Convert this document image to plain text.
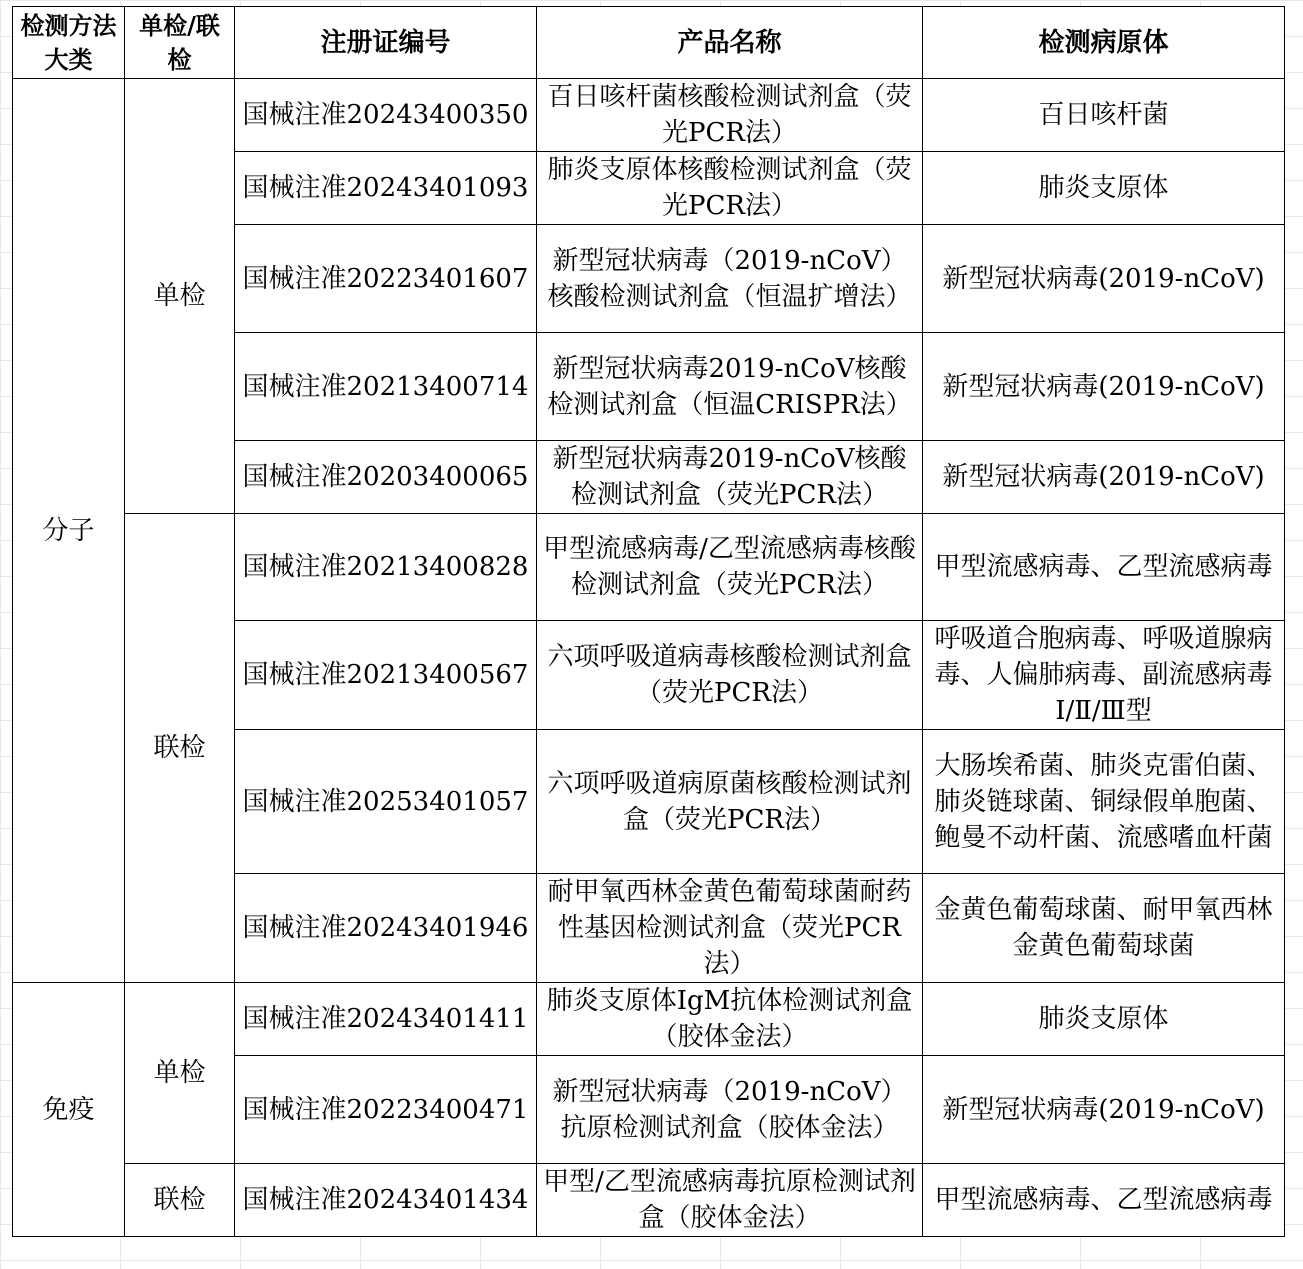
检测方法大类	单检/联检	注册证编号	产品名称	检测病原体
分子	单检	国械注准20243400350	百日咳杆菌核酸检测试剂盒（荧光PCR法）	百日咳杆菌
		国械注准20243401093	肺炎支原体核酸检测试剂盒（荧光PCR法）	肺炎支原体
		国械注准20223401607	新型冠状病毒（2019-nCoV）核酸检测试剂盒（恒温扩增法）	新型冠状病毒(2019-nCoV)
		国械注准20213400714	新型冠状病毒2019-nCoV核酸检测试剂盒（恒温CRISPR法）	新型冠状病毒(2019-nCoV)
		国械注准20203400065	新型冠状病毒2019-nCoV核酸检测试剂盒（荧光PCR法）	新型冠状病毒(2019-nCoV)
	联检	国械注准20213400828	甲型流感病毒/乙型流感病毒核酸检测试剂盒（荧光PCR法）	甲型流感病毒、乙型流感病毒
		国械注准20213400567	六项呼吸道病毒核酸检测试剂盒（荧光PCR法）	呼吸道合胞病毒、呼吸道腺病毒、人偏肺病毒、副流感病毒Ⅰ/Ⅱ/Ⅲ型
		国械注准20253401057	六项呼吸道病原菌核酸检测试剂盒（荧光PCR法）	大肠埃希菌、肺炎克雷伯菌、肺炎链球菌、铜绿假单胞菌、鲍曼不动杆菌、流感嗜血杆菌
		国械注准20243401946	耐甲氧西林金黄色葡萄球菌耐药性基因检测试剂盒（荧光PCR法）	金黄色葡萄球菌、耐甲氧西林金黄色葡萄球菌
免疫	单检	国械注准20243401411	肺炎支原体IgM抗体检测试剂盒（胶体金法）	肺炎支原体
		国械注准20223400471	新型冠状病毒（2019-nCoV）抗原检测试剂盒（胶体金法）	新型冠状病毒(2019-nCoV)
	联检	国械注准20243401434	甲型/乙型流感病毒抗原检测试剂盒（胶体金法）	甲型流感病毒、乙型流感病毒
